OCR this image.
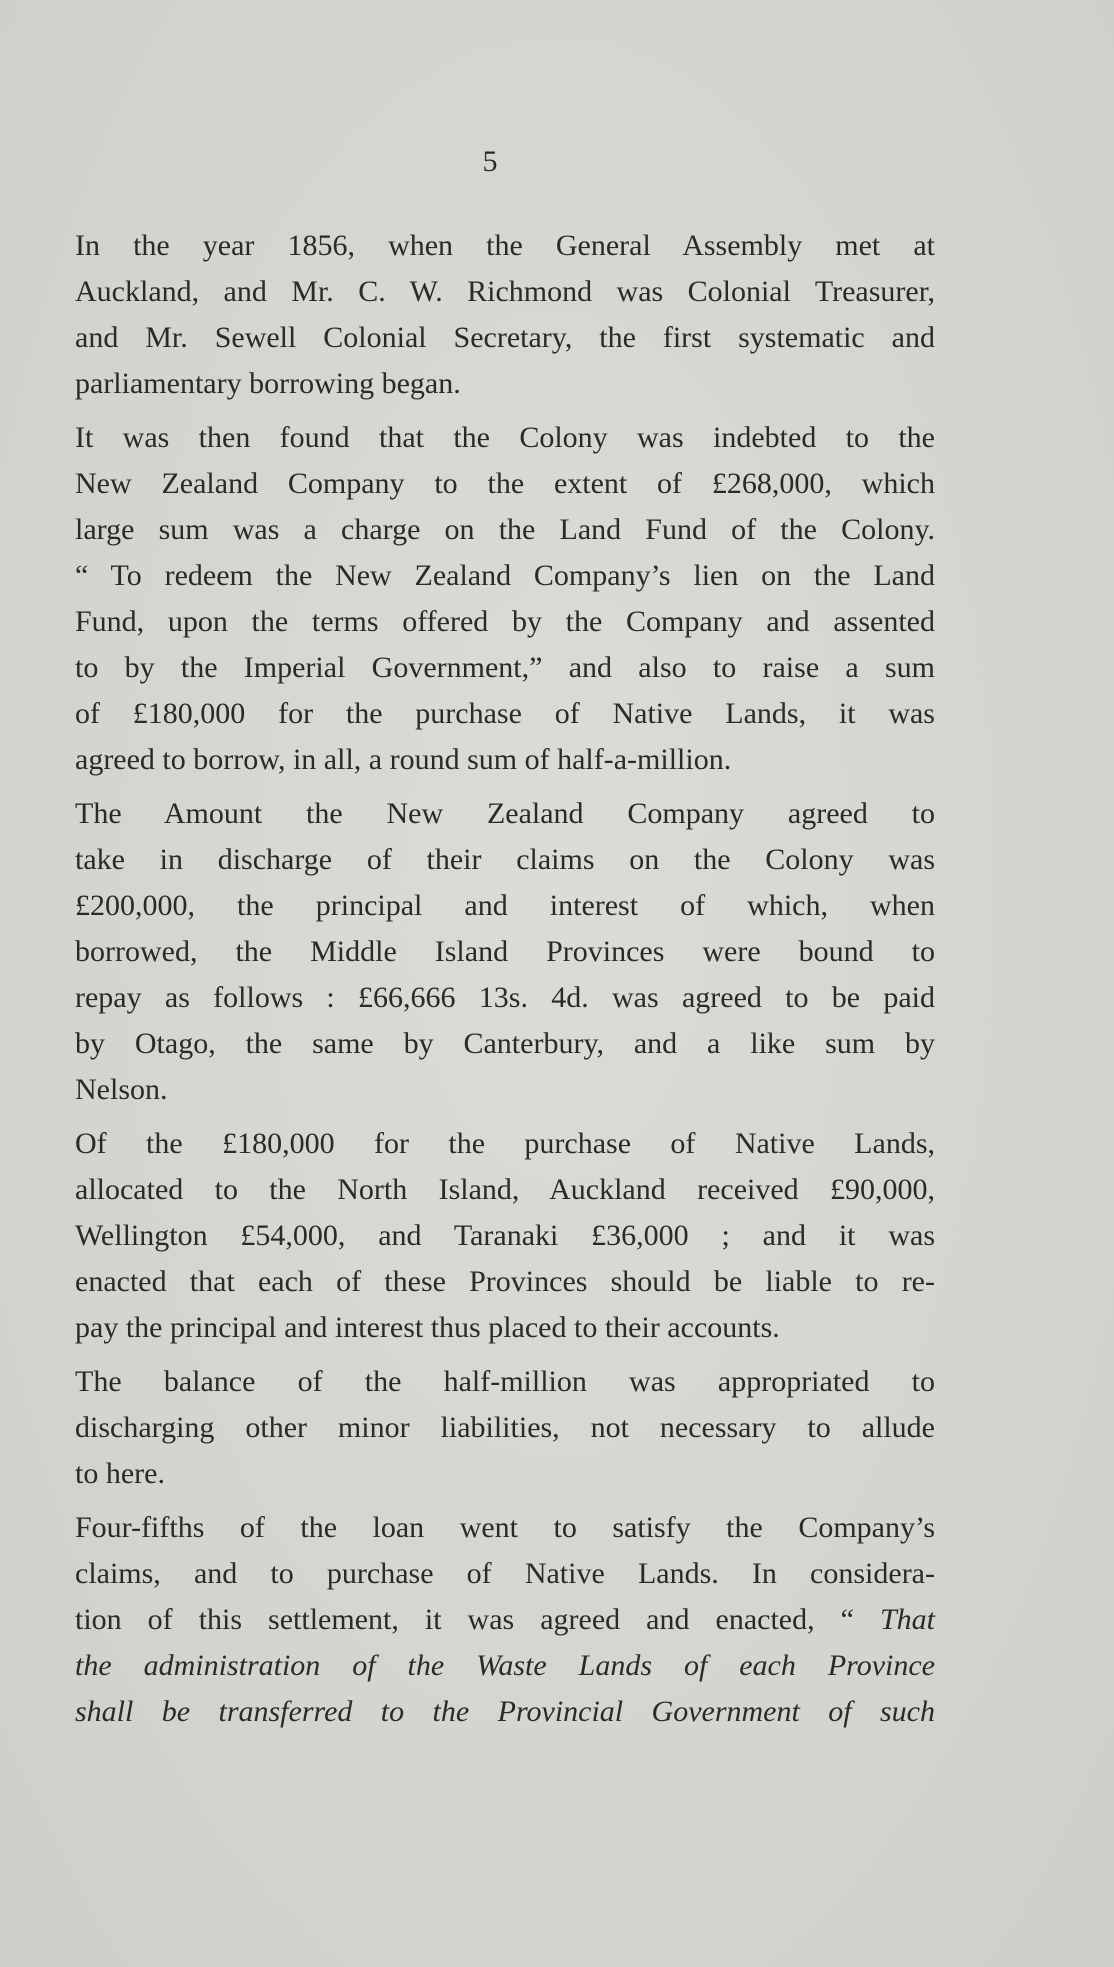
5
In the year 1856, when the General Assembly met at
Auckland, and Mr. C. W. Richmond was Colonial Treasurer,
and Mr. Sewell Colonial Secretary, the first systematic and
parliamentary borrowing began.
It was then found that the Colony was indebted to the
New Zealand Company to the extent of £268,000, which
large sum was a charge on the Land Fund of the Colony.
“ To redeem the New Zealand Company’s lien on the Land
Fund, upon the terms offered by the Company and assented
to by the Imperial Government,” and also to raise a sum
of £180,000 for the purchase of Native Lands, it was
agreed to borrow, in all, a round sum of half-a-million.
The Amount the New Zealand Company agreed to
take in discharge of their claims on the Colony was
£200,000, the principal and interest of which, when
borrowed, the Middle Island Provinces were bound to
repay as follows : £66,666 13s. 4d. was agreed to be paid
by Otago, the same by Canterbury, and a like sum by
Nelson.
Of the £180,000 for the purchase of Native Lands,
allocated to the North Island, Auckland received £90,000,
Wellington £54,000, and Taranaki £36,000 ; and it was
enacted that each of these Provinces should be liable to re-
pay the principal and interest thus placed to their accounts.
The balance of the half-million was appropriated to
discharging other minor liabilities, not necessary to allude
to here.
Four-fifths of the loan went to satisfy the Company’s
claims, and to purchase of Native Lands. In considera-
tion of this settlement, it was agreed and enacted, “ That
the administration of the Waste Lands of each Province
shall be transferred to the Provincial Government of such
